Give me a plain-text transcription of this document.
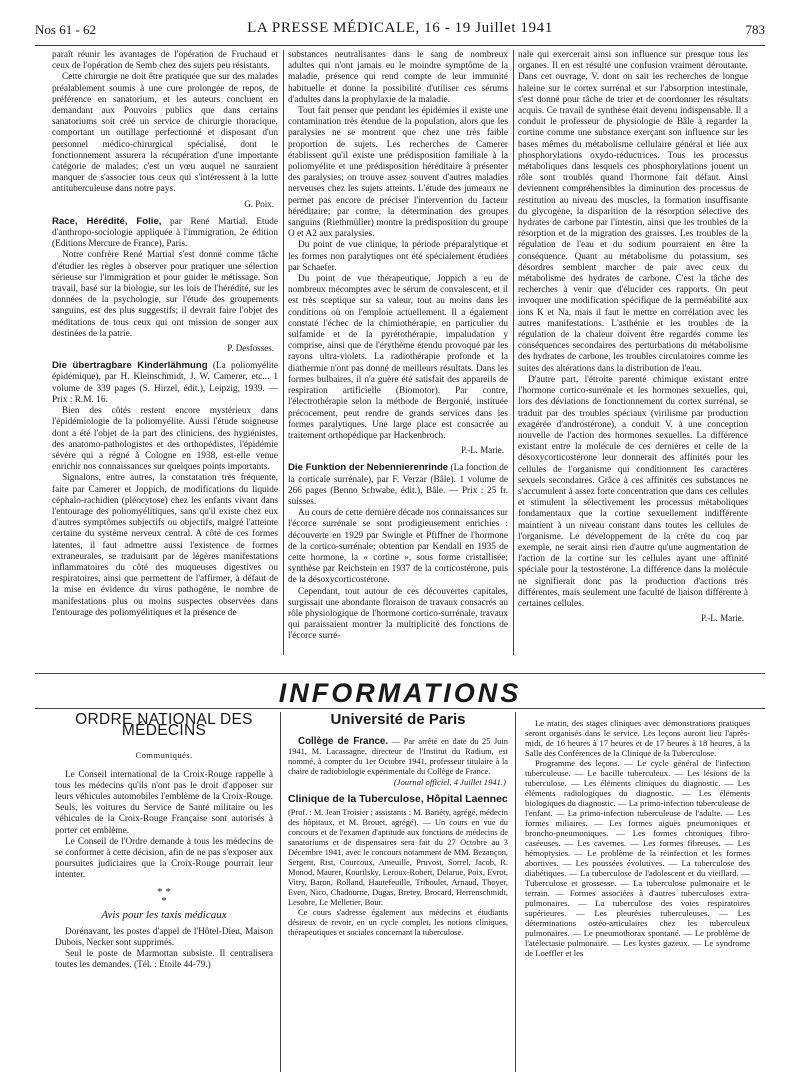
Nos 61 - 62	LA PRESSE MÉDICALE, 16 - 19 Juillet 1941	783

paraît réunir les avantages de l'opération de Fruchaud et ceux de l'opération de Semb chez des sujets peu résistants.

Cette chirurgie ne doit être pratiquée que sur des malades préalablement soumis à une cure prolongée de repos, de préférence en sanatorium, et les auteurs concluent en demandant aux Pouvoirs publics que dans certains sanatoriums soit créé un service de chirurgie thoracique, comportant un outillage perfectionné et disposant d'un personnel médico-chirurgical spécialisé, dont le fonctionnement assurera la récupération d'une importante catégorie de malades; c'est un vœu auquel ne sauraient manquer de s'associer tous ceux qui s'intéressent à la lutte antituberculeuse dans notre pays.

G. Poix.

Race, Hérédité, Folie, par René Martial. Etude d'anthropo-sociologie appliquée à l'immigration, 2e édition (Editions Mercure de France), Paris.

Notre confrère René Martial s'est donné comme tâche d'étudier les règles à observer pour pratiquer une sélection sérieuse sur l'immigration et pour guider le métissage. Son travail, basé sur la biologie, sur les lois de l'hérédité, sur les données de la psychologie, sur l'étude des groupements sanguins, est des plus suggestifs; il devrait faire l'objet des méditations de tous ceux qui ont mission de songer aux destinées de la patrie.

P. Desfosses.

Die übertragbare Kinderlähmung (La poliomyélite épidémique), par H. Kleinschmidt, J. W. Camerer, etc... 1 volume de 339 pages (S. Hirzel, édit.), Leipzig, 1939. — Prix : R.M. 16.

Bien des côtés restent encore mystérieux dans l'épidémiologie de la poliomyélite. Aussi l'étude soigneuse dont a été l'objet de la part des cliniciens, des hygiénistes, des anatomo-pathologistes et des orthopédistes, l'épidémie sévère qui a régné à Cologne en 1938, est-elle venue enrichir nos connaissances sur quelques points importants.

Signalons, entre autres, la constatation très fréquente, faite par Camerer et Joppich, de modifications du liquide céphalo-rachidien (pléocytose) chez les enfants vivant dans l'entourage des poliomyélitiques, sans qu'il existe chez eux d'autres symptômes subjectifs ou objectifs, malgré l'atteinte certaine du système nerveux central. A côté de ces formes latentes, il faut admettre aussi l'existence de formes extraneurales, se traduisant par de légères manifestations inflammatoires du côté des muqueuses digestives ou respiratoires, ainsi que permettent de l'affirmer, à défaut de la mise en évidence du virus pathogène, le nombre de manifestations plus ou moins suspectes observées dans l'entourage des poliomyélitiques et la présence de

substances neutralisantes dans le sang de nombreux adultes qui n'ont jamais eu le moindre symptôme de la maladie, présence qui rend compte de leur immunité habituelle et donne la possibilité d'utiliser ces sérums d'adultes dans la prophylaxie de la maladie.

Tout fait penser que pendant les épidémies il existe une contamination très étendue de la population, alors que les paralysies ne se montrent que chez une très faible proportion de sujets. Les recherches de Camerer établissent qu'il existe une prédisposition familiale à la poliomyélite et une prédisposition héréditaire à présenter des paralysies; on trouve assez souvent d'autres maladies nerveuses chez les sujets atteints. L'étude des jumeaux ne permet pas encore de préciser l'intervention du facteur héréditaire; par contre, la détermination des groupes sanguins (Riethmüller) montre la prédisposition du groupe O et A2 aux paralysies.

Du point de vue clinique, la période préparalytique et les formes non paralytiques ont été spécialement étudiées par Schaefer.

Du point de vue thérapeutique, Joppich a eu de nombreux mécomptes avec le sérum de convalescent, et il est très sceptique sur sa valeur, tout au moins dans les conditions où on l'emploie actuellement. Il a également constaté l'échec de la chimiothérapie, en particulier du sulfamide et de la pyrétothérapie, impaludation y comprise, ainsi que de l'érythème étendu provoqué par les rayons ultra-violets. La radiothérapie profonde et la diathermie n'ont pas donné de meilleurs résultats. Dans les formes bulbaires, il n'a guère été satisfait des appareils de respiration artificielle (Biomotor). Par contre, l'électrothérapie selon la méthode de Bergonié, instituée précocement, peut rendre de grands services dans les formes paralytiques. Une large place est consacrée au traitement orthopédique par Hackenbroch.

P.-L. Marie.

Die Funktion der Nebennierenrinde (La fonction de la corticale surrénale), par F. Verzar (Bâle). 1 volume de 266 pages (Benno Schwabe, édit.), Bâle. — Prix : 25 fr. suisses.

Au cours de cette dernière décade nos connaissances sur l'écorce surrénale se sont prodigieusement enrichies : découverte en 1929 par Swingle et Pfiffner de l'hormone de la cortico-surrénale; obtention par Kendall en 1935 de cette hormone, la « cortine », sous forme cristallisée; synthèse par Reichstein en 1937 de la corticostérone, puis de la désoxycorticostérone.

Cependant, tout autour de ces découvertes capitales, surgissait une abondante floraison de travaux consacrés au rôle physiologique de l'hormone cortico-surrénale, travaux qui paraissaient montrer la multiplicité des fonctions de l'écorce surré-

nale qui exercerait ainsi son influence sur presque tous les organes. Il en est résulté une confusion vraiment déroutante. Dans cet ouvrage, V. dont on sait les recherches de longue haleine sur le cortex surrénal et sur l'absorption intestinale, s'est donné pour tâche de trier et de coordonner les résultats acquis. Ce travail de synthèse était devenu indispensable. Il a conduit le professeur de physiologie de Bâle à regarder la cortine comme une substance exerçant son influence sur les bases mêmes du métabolisme cellulaire général et liée aux phosphorylations oxydo-réductrices. Tous les processus métaboliques dans lesquels ces phosphorylations jouent un rôle sont troublés quand l'hormone fait défaut. Ainsi deviennent compréhensibles la diminution des processus de restitution au niveau des muscles, la formation insuffisante du glycogène, la disparition de la résorption sélective des hydrates de carbone par l'intestin, ainsi que les troubles de la résorption et de la migration des graisses. Les troubles de la régulation de l'eau et du sodium pourraient en être la conséquence. Quant au métabolisme du potassium, ses désordres semblent marcher de pair avec ceux du métabolisme des hydrates de carbone. C'est la tâche des recherches à venir que d'élucider ces rapports. On peut invoquer une modification spécifique de la perméabilité aux ions K et Na, mais il faut le mettre en corrélation avec les autres manifestations. L'asthénie et les troubles de la régulation de la chaleur doivent être regardés comme les conséquences secondaires des perturbations du métabolisme des hydrates de carbone, les troubles circulatoires comme les suites des altérations dans la distribution de l'eau.

D'autre part, l'étroite parenté chimique existant entre l'hormone cortico-surrénale et les hormones sexuelles, qui, lors des déviations de fonctionnement du cortex surrénal, se traduit par des troubles spéciaux (virilisme par production exagérée d'androstérone), a conduit V. à une conception nouvelle de l'action des hormones sexuelles. La différence existant entre la molécule de ces dernières et celle de la désoxycorticostérone leur donnerait des affinités pour les cellules de l'organisme qui conditionnent les caractères sexuels secondaires. Grâce à ces affinités ces substances ne s'accumulent à assez forte concentration que dans ces cellules et stimulent la sélectivement les processus métaboliques fondamentaux que la cortine sexuellement indifférente maintient à un niveau constant dans toutes les cellules de l'organisme. Le développement de la crête du coq par exemple, ne serait ainsi rien d'autre qu'une augmentation de l'action de la cortine sur les cellules ayant une affinité spéciale pour la testostérone. La différence dans la molécule ne signifierait donc pas la production d'actions très différentes, mais seulement une faculté de liaison différente à certaines cellules.

P.-L. Marie.
INFORMATIONS
ORDRE NATIONAL DES MÉDECINS
Communiqués.

Le Conseil international de la Croix-Rouge rappelle à tous les médecins qu'ils n'ont pas le droit d'apposer sur leurs véhicules automobiles l'emblème de la Croix-Rouge. Seuls, les voitures du Service de Santé militaire ou les véhicules de la Croix-Rouge Française sont autorisés à porter cet emblème.

Le Conseil de l'Ordre demande à tous les médecins de se conformer à cette décision, afin de ne pas s'exposer aux poursuites judiciaires que la Croix-Rouge pourrait leur intenter.

* *
*
Avis pour les taxis médicaux

Dorénavant, les postes d'appel de l'Hôtel-Dieu, Maison Dubois, Necker sont supprimés.

Seul le poste de Marmottan subsiste. Il centralisera toutes les demandes. (Tél. : Etoile 44-79.)

Université de Paris

Collège de France. — Par arrêté en date du 25 Juin 1941, M. Lacassagne, directeur de l'Institut du Radium, est nommé, à compter du 1er Octobre 1941, professeur titulaire à la chaire de radiobiologie expérimentale du Collège de France.

(Journal officiel, 4 Juillet 1941.)
Clinique de la Tuberculose, Hôpital Laennec

(Prof. : M. Jean Troisier ; assistants : M. Bariéty, agrégé, médecin des hôpitaux, et M. Brouet, agrégé). — Un cours en vue du concours et de l'examen d'aptitude aux fonctions de médecins de sanatoriums et de dispensaires sera fait du 27 Octobre au 3 Décembre 1941, avec le concours notamment de MM. Bezançon, Sergent, Rist, Courcoux, Ameuille, Pruvost, Sorrel, Jacob, R. Monod, Maurer, Kourilsky, Leroux-Robert, Delarue, Poix, Evrot, Vitry, Baron, Rolland, Hautefeuille, Triboulet, Arnaud, Thoyer, Even, Nico, Chadourne, Dugas, Bretey, Brocard, Herrenschmidt, Lesobre, Le Melletier, Bour.

Ce cours s'adresse également aux médecins et étudiants désireux de revoir, en un cycle complet, les notions cliniques, thérapeutiques et sociales concernant la tuberculose.

Le matin, des stages cliniques avec démonstrations pratiques seront organisés dans le service. Les leçons auront lieu l'après-midi, de 16 heures à 17 heures et de 17 heures à 18 heures, à la Salle des Conférences de la Clinique de la Tuberculose.

Programme des leçons. — Le cycle général de l'infection tuberculeuse. — Le bacille tuberculeux. — Les lésions de la tuberculose. — Les éléments cliniques du diagnostic. — Les éléments radiologiques du diagnostic. — Les éléments biologiques du diagnostic. — La primo-infection tuberculeuse de l'enfant. — La primo-infection tuberculeuse de l'adulte. — Les formes miliaires. — Les formes aiguës pneumoniques et broncho-pneumoniques. — Les formes chroniques fibro-caséeuses. — Les cavernes. — Les formes fibreuses. — Les hémoptysies. — Le problème de la réinfection et les formes abortives. — Les poussées évolutives. — La tuberculose des diabétiques. — La tuberculose de l'adolescent et du vieillard. — Tuberculose et grossesse. — La tuberculose pulmonaire et le terrain. — Formes associées à d'autres tuberculoses extra-pulmonaires. — La tuberculose des voies respiratoires supérieures. — Les pleurésies tuberculeuses. — Les déterminations ostéo-articulaires chez les tuberculeux pulmonaires. — Le pneumothorax spontané. — Le problème de l'atélectasie pulmonaire. — Les kystes gazeux. — Le syndrome de Loeffler et les
